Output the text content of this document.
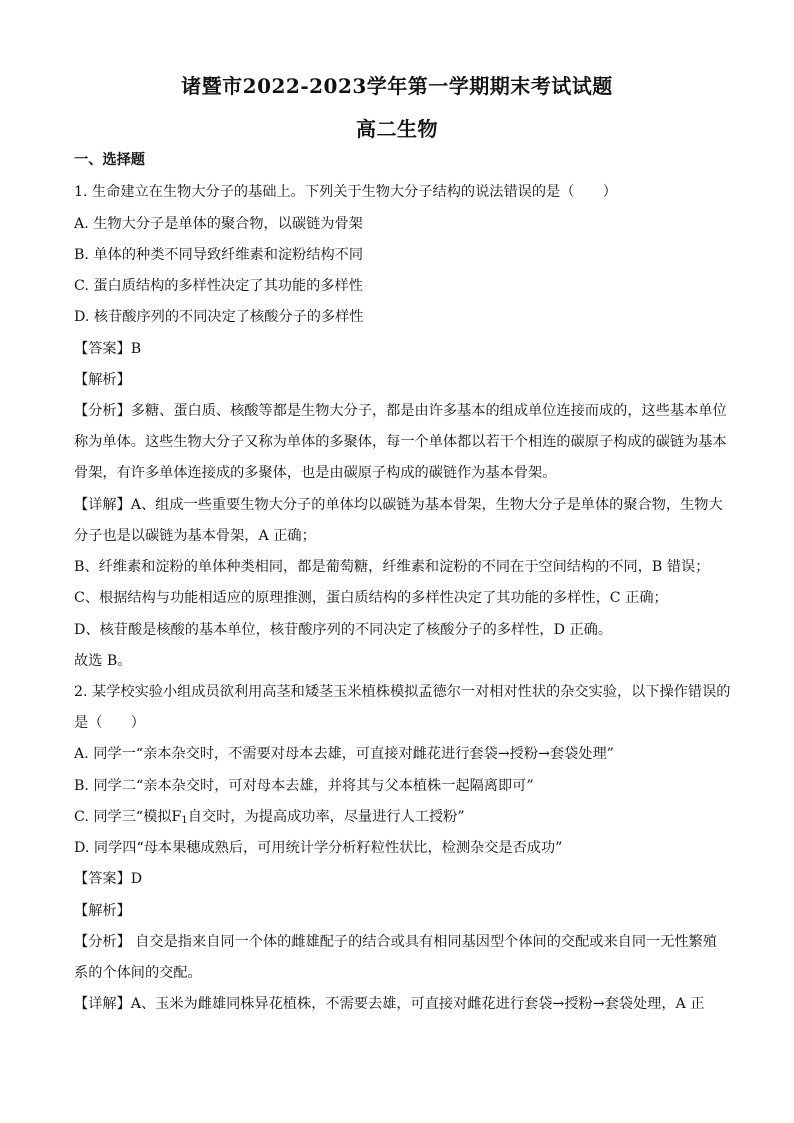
诸暨市2022-2023学年第一学期期末考试试题
高二生物
一、选择题
1. 生命建立在生物大分子的基础上。下列关于生物大分子结构的说法错误的是（　　）
A. 生物大分子是单体的聚合物，以碳链为骨架
B. 单体的种类不同导致纤维素和淀粉结构不同
C. 蛋白质结构的多样性决定了其功能的多样性
D. 核苷酸序列的不同决定了核酸分子的多样性
【答案】B
【解析】
【分析】多糖、蛋白质、核酸等都是生物大分子，都是由许多基本的组成单位连接而成的，这些基本单位
称为单体。这些生物大分子又称为单体的多聚体，每一个单体都以若干个相连的碳原子构成的碳链为基本
骨架，有许多单体连接成的多聚体，也是由碳原子构成的碳链作为基本骨架。
【详解】A、组成一些重要生物大分子的单体均以碳链为基本骨架，生物大分子是单体的聚合物，生物大
分子也是以碳链为基本骨架，A 正确；
B、纤维素和淀粉的单体种类相同，都是葡萄糖，纤维素和淀粉的不同在于空间结构的不同，B 错误；
C、根据结构与功能相适应的原理推测，蛋白质结构的多样性决定了其功能的多样性，C 正确；
D、核苷酸是核酸的基本单位，核苷酸序列的不同决定了核酸分子的多样性，D 正确。
故选 B。
2. 某学校实验小组成员欲利用高茎和矮茎玉米植株模拟孟德尔一对相对性状的杂交实验，以下操作错误的
是（　　）
A. 同学一“亲本杂交时，不需要对母本去雄，可直接对雌花进行套袋→授粉→套袋处理”
B. 同学二“亲本杂交时，可对母本去雄，并将其与父本植株一起隔离即可”
C. 同学三“模拟$F_1$自交时，为提高成功率，尽量进行人工授粉”
D. 同学四“母本果穗成熟后，可用统计学分析籽粒性状比，检测杂交是否成功”
【答案】D
【解析】
【分析】 自交是指来自同一个体的雌雄配子的结合或具有相同基因型个体间的交配或来自同一无性繁殖
系的个体间的交配。
【详解】A、玉米为雌雄同株异花植株，不需要去雄，可直接对雌花进行套袋→授粉→套袋处理，A 正
